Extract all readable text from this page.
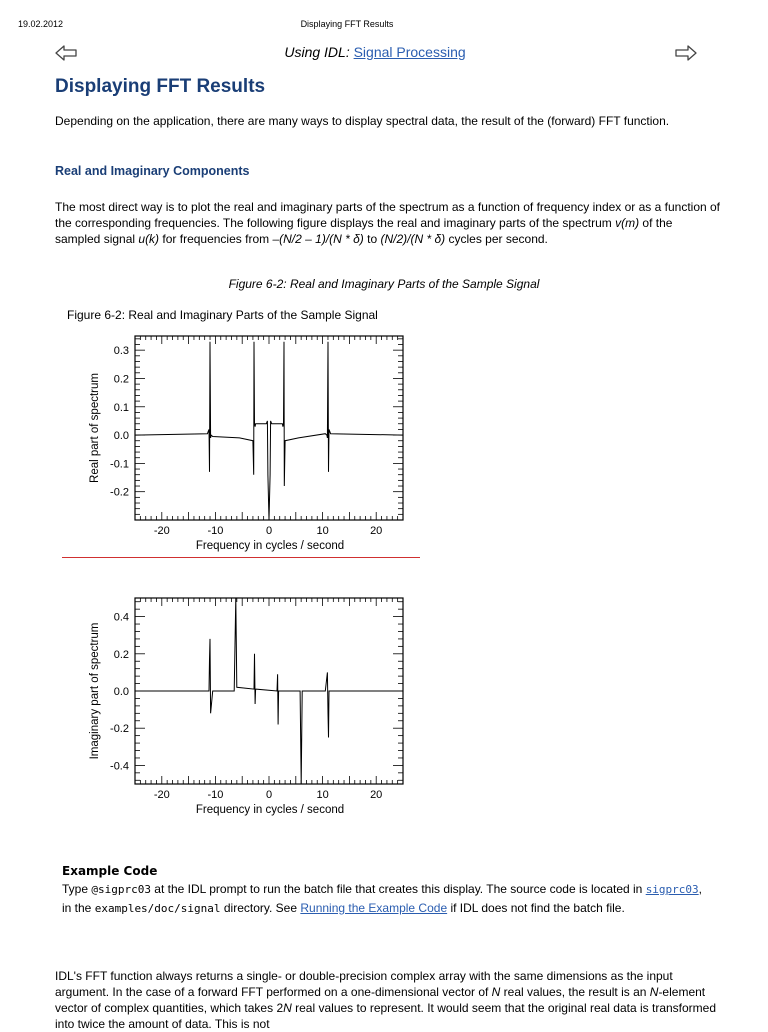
19.02.2012	Displaying FFT Results
Using IDL: Signal Processing
Displaying FFT Results
Depending on the application, there are many ways to display spectral data, the result of the (forward) FFT function.
Real and Imaginary Components
The most direct way is to plot the real and imaginary parts of the spectrum as a function of frequency index or as a function of the corresponding frequencies. The following figure displays the real and imaginary parts of the spectrum v(m) of the sampled signal u(k) for frequencies from –(N/2 – 1)/(N * δ) to (N/2)/(N * δ) cycles per second.
Figure 6-2: Real and Imaginary Parts of the Sample Signal
Figure 6-2: Real and Imaginary Parts of the Sample Signal
-20	-10	0	10	20
0.3
0.2
0.1
0.0
-0.1
-0.2
Frequency in cycles / second
Real part of spectrum
-20	-10	0	10	20
0.4
0.2
0.0
-0.2
-0.4
Frequency in cycles / second
Imaginary part of spectrum
Example Code
Type @sigprc03 at the IDL prompt to run the batch file that creates this display. The source code is located in sigprc03, in the examples/doc/signal directory. See Running the Example Code if IDL does not find the batch file.
IDL's FFT function always returns a single- or double-precision complex array with the same dimensions as the input argument. In the case of a forward FFT performed on a one-dimensional vector of N real values, the result is an N-element vector of complex quantities, which takes 2N real values to represent. It would seem that the original real data is transformed into twice the amount of data. This is not
